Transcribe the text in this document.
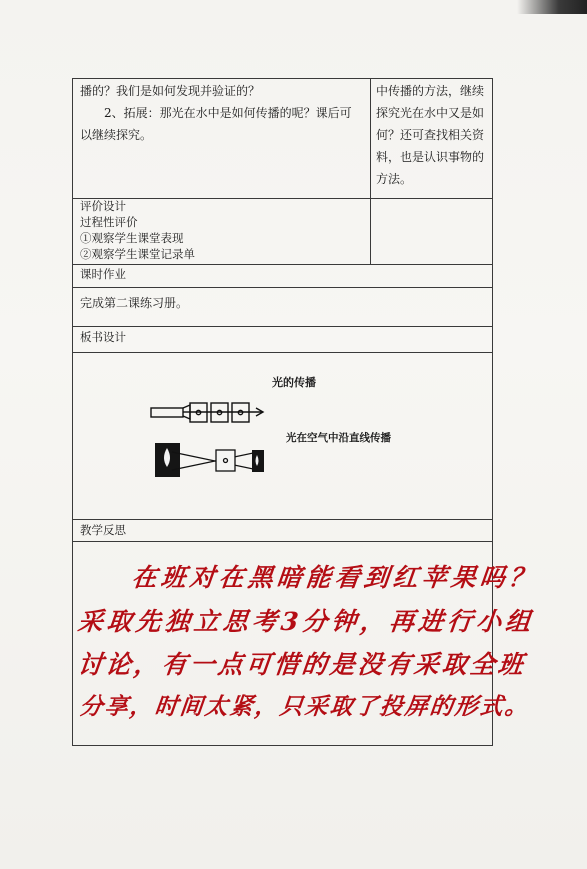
播的？我们是如何发现并验证的？
2、拓展：那光在水中是如何传播的呢？课后可
以继续探究。
中传播的方法，继续
探究光在水中又是如
何？还可查找相关资
料，也是认识事物的
方法。
评价设计
过程性评价
①观察学生课堂表现
②观察学生课堂记录单
课时作业
完成第二课练习册。
板书设计
光的传播
光在空气中沿直线传播
教学反思
在班对在黑暗能看到红苹果吗？
采取先独立思考3分钟，再进行小组
讨论，有一点可惜的是没有采取全班
分享，时间太紧，只采取了投屏的形式。
